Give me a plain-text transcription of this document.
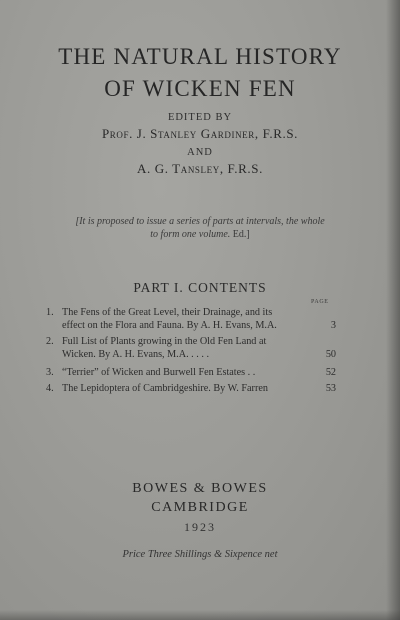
THE NATURAL HISTORY
OF WICKEN FEN
EDITED BY
Prof. J. Stanley Gardiner, F.R.S.
AND
A. G. Tansley, F.R.S.
[It is proposed to issue a series of parts at intervals, the whole
to form one volume. Ed.]
PART I. CONTENTS
PAGE
1. The Fens of the Great Level, their Drainage, and its
effect on the Flora and Fauna. By A. H. Evans, M.A.	3
2. Full List of Plants growing in the Old Fen Land at
Wicken. By A. H. Evans, M.A. . . . .	50
3. “Terrier” of Wicken and Burwell Fen Estates . .	52
4. The Lepidoptera of Cambridgeshire. By W. Farren	53
BOWES & BOWES
CAMBRIDGE
1923
Price Three Shillings & Sixpence net
